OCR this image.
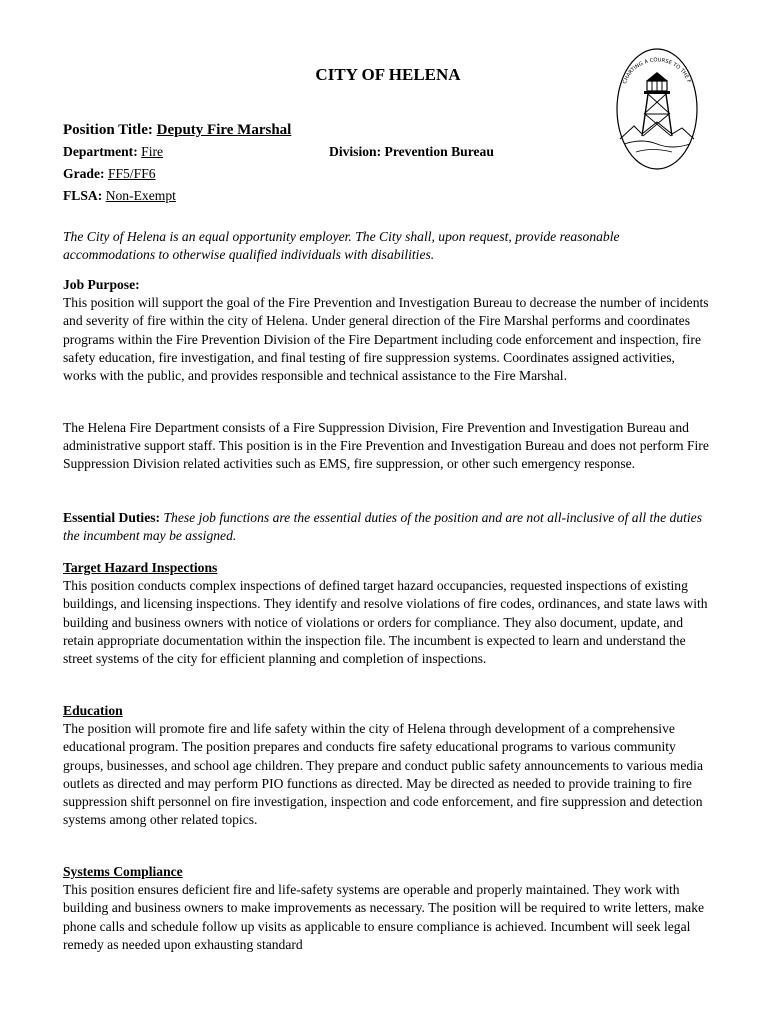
CITY OF HELENA
Position Title: Deputy Fire Marshal
Department: Fire	Division: Prevention Bureau
Grade: FF5/FF6
FLSA: Non-Exempt

The City of Helena is an equal opportunity employer. The City shall, upon request, provide reasonable accommodations to otherwise qualified individuals with disabilities.

Job Purpose:

This position will support the goal of the Fire Prevention and Investigation Bureau to decrease the number of incidents and severity of fire within the city of Helena. Under general direction of the Fire Marshal performs and coordinates programs within the Fire Prevention Division of the Fire Department including code enforcement and inspection, fire safety education, fire investigation, and final testing of fire suppression systems. Coordinates assigned activities, works with the public, and provides responsible and technical assistance to the Fire Marshal.

The Helena Fire Department consists of a Fire Suppression Division, Fire Prevention and Investigation Bureau and administrative support staff. This position is in the Fire Prevention and Investigation Bureau and does not perform Fire Suppression Division related activities such as EMS, fire suppression, or other such emergency response.

Essential Duties: These job functions are the essential duties of the position and are not all-inclusive of all the duties the incumbent may be assigned.

Target Hazard Inspections

This position conducts complex inspections of defined target hazard occupancies, requested inspections of existing buildings, and licensing inspections. They identify and resolve violations of fire codes, ordinances, and state laws with building and business owners with notice of violations or orders for compliance. They also document, update, and retain appropriate documentation within the inspection file. The incumbent is expected to learn and understand the street systems of the city for efficient planning and completion of inspections.

Education

The position will promote fire and life safety within the city of Helena through development of a comprehensive educational program. The position prepares and conducts fire safety educational programs to various community groups, businesses, and school age children. They prepare and conduct public safety announcements to various media outlets as directed and may perform PIO functions as directed. May be directed as needed to provide training to fire suppression shift personnel on fire investigation, inspection and code enforcement, and fire suppression and detection systems among other related topics.

Systems Compliance

This position ensures deficient fire and life-safety systems are operable and properly maintained. They work with building and business owners to make improvements as necessary. The position will be required to write letters, make phone calls and schedule follow up visits as applicable to ensure compliance is achieved. Incumbent will seek legal remedy as needed upon exhausting standard

CHARTING A COURSE TO THE F
